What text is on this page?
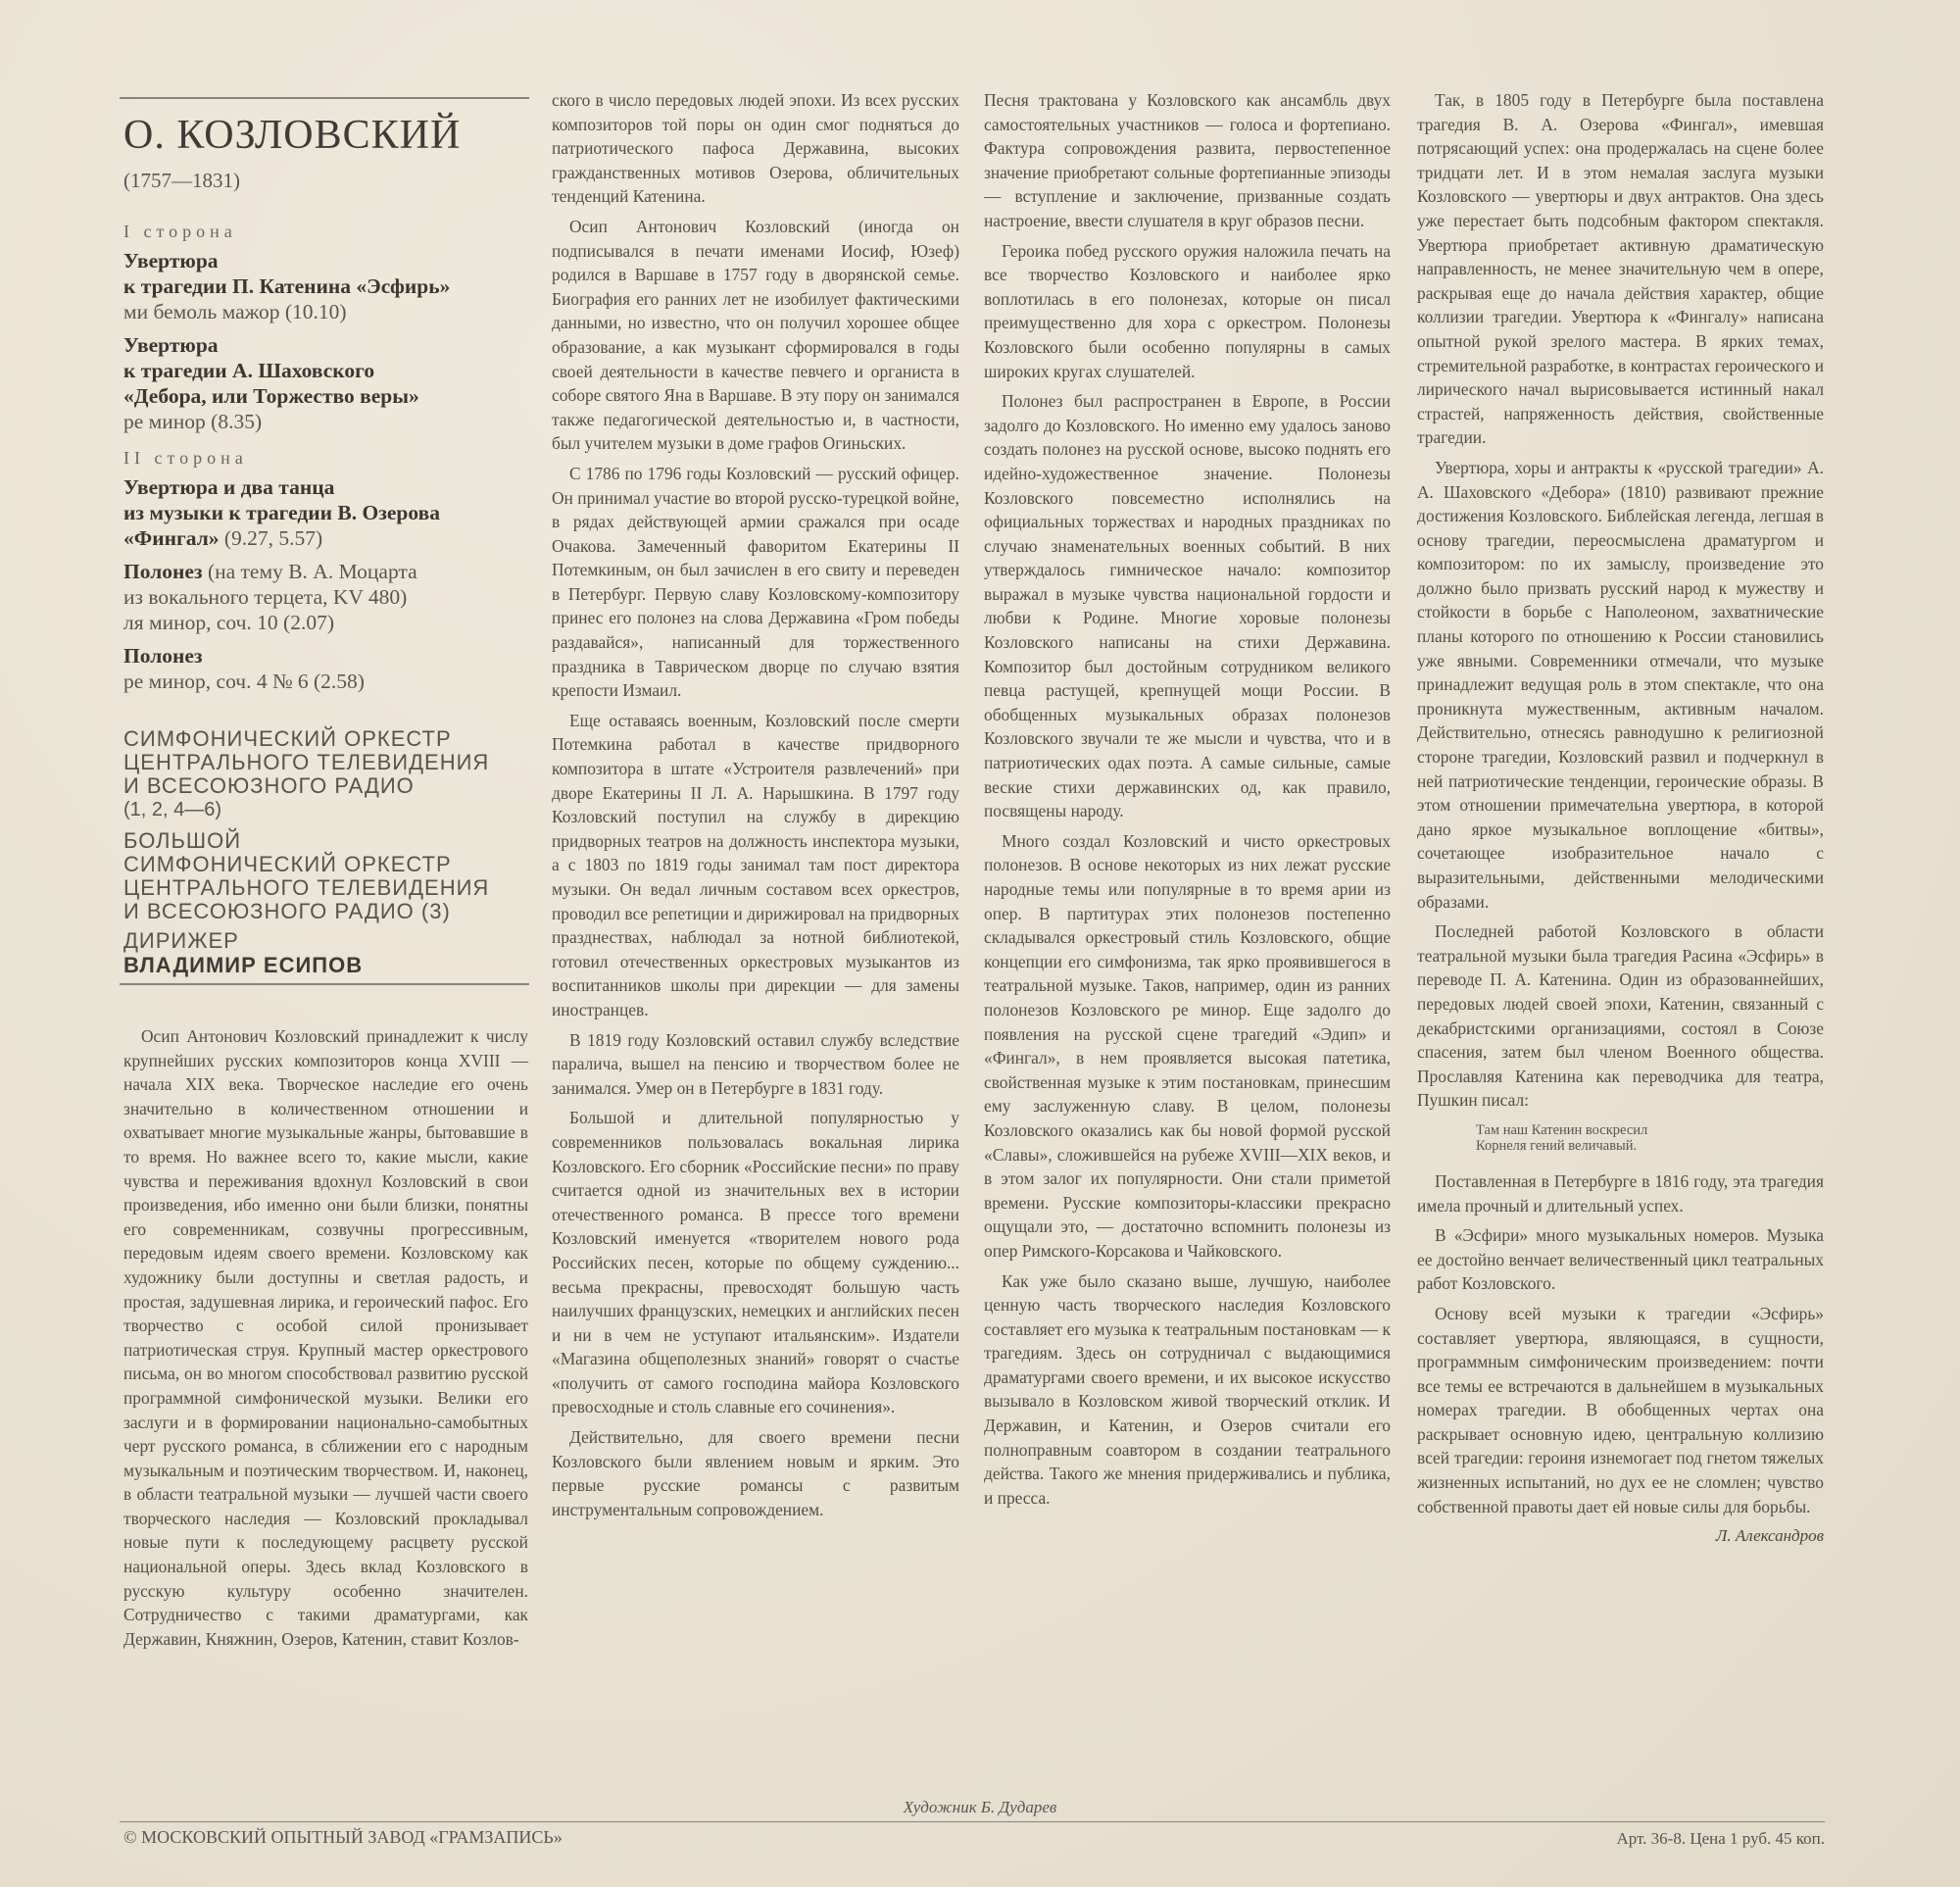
О. КОЗЛОВСКИЙ
(1757—1831)
I сторона
Увертюра
к трагедии П. Катенина «Эсфирь»
ми бемоль мажор (10.10)
Увертюра
к трагедии А. Шаховского
«Дебора, или Торжество веры»
ре минор (8.35)
II сторона
Увертюра и два танца
из музыки к трагедии В. Озерова
«Фингал» (9.27, 5.57)
Полонез (на тему В. А. Моцарта
из вокального терцета, KV 480)
ля минор, соч. 10 (2.07)
Полонез
ре минор, соч. 4 № 6 (2.58)
СИМФОНИЧЕСКИЙ ОРКЕСТР
ЦЕНТРАЛЬНОГО ТЕЛЕВИДЕНИЯ
И ВСЕСОЮЗНОГО РАДИО
(1, 2, 4—6)
БОЛЬШОЙ
СИМФОНИЧЕСКИЙ ОРКЕСТР
ЦЕНТРАЛЬНОГО ТЕЛЕВИДЕНИЯ
И ВСЕСОЮЗНОГО РАДИО (3)
ДИРИЖЕР
ВЛАДИМИР ЕСИПОВ

Осип Антонович Козловский принадлежит к числу крупнейших русских композиторов конца XVIII — начала XIX века. Творческое наследие его очень значительно в количественном отношении и охватывает многие музыкальные жанры, бытовавшие в то время. Но важнее всего то, какие мысли, какие чувства и переживания вдохнул Козловский в свои произведения, ибо именно они были близки, понятны его современникам, созвучны прогрессивным, передовым идеям своего времени. Козловскому как художнику были доступны и светлая радость, и простая, задушевная лирика, и героический пафос. Его творчество с особой силой пронизывает патриотическая струя. Крупный мастер оркестрового письма, он во многом способствовал развитию русской программной симфонической музыки. Велики его заслуги и в формировании национально-самобытных черт русского романса, в сближении его с народным музыкальным и поэтическим творчеством. И, наконец, в области театральной музыки — лучшей части своего творческого наследия — Козловский прокладывал новые пути к последующему расцвету русской национальной оперы. Здесь вклад Козловского в русскую культуру особенно значителен. Сотрудничество с такими драматургами, как Державин, Княжнин, Озеров, Катенин, ставит Козлов-

ского в число передовых людей эпохи. Из всех русских композиторов той поры он один смог подняться до патриотического пафоса Державина, высоких гражданственных мотивов Озерова, обличительных тенденций Катенина.

Осип Антонович Козловский (иногда он подписывался в печати именами Иосиф, Юзеф) родился в Варшаве в 1757 году в дворянской семье. Биография его ранних лет не изобилует фактическими данными, но известно, что он получил хорошее общее образование, а как музыкант сформировался в годы своей деятельности в качестве певчего и органиста в соборе святого Яна в Варшаве. В эту пору он занимался также педагогической деятельностью и, в частности, был учителем музыки в доме графов Огиньских.

С 1786 по 1796 годы Козловский — русский офицер. Он принимал участие во второй русско-турецкой войне, в рядах действующей армии сражался при осаде Очакова. Замеченный фаворитом Екатерины II Потемкиным, он был зачислен в его свиту и переведен в Петербург. Первую славу Козловскому-композитору принес его полонез на слова Державина «Гром победы раздавайся», написанный для торжественного праздника в Таврическом дворце по случаю взятия крепости Измаил.

Еще оставаясь военным, Козловский после смерти Потемкина работал в качестве придворного композитора в штате «Устроителя развлечений» при дворе Екатерины II Л. А. Нарышкина. В 1797 году Козловский поступил на службу в дирекцию придворных театров на должность инспектора музыки, а с 1803 по 1819 годы занимал там пост директора музыки. Он ведал личным составом всех оркестров, проводил все репетиции и дирижировал на придворных празднествах, наблюдал за нотной библиотекой, готовил отечественных оркестровых музыкантов из воспитанников школы при дирекции — для замены иностранцев.

В 1819 году Козловский оставил службу вследствие паралича, вышел на пенсию и творчеством более не занимался. Умер он в Петербурге в 1831 году.

Большой и длительной популярностью у современников пользовалась вокальная лирика Козловского. Его сборник «Российские песни» по праву считается одной из значительных вех в истории отечественного романса. В прессе того времени Козловский именуется «творителем нового рода Российских песен, которые по общему суждению... весьма прекрасны, превосходят большую часть наилучших французских, немецких и английских песен и ни в чем не уступают итальянским». Издатели «Магазина общеполезных знаний» говорят о счастье «получить от самого господина майора Козловского превосходные и столь славные его сочинения».

Действительно, для своего времени песни Козловского были явлением новым и ярким. Это первые русские романсы с развитым инструментальным сопровождением.

Песня трактована у Козловского как ансамбль двух самостоятельных участников — голоса и фортепиано. Фактура сопровождения развита, первостепенное значение приобретают сольные фортепианные эпизоды — вступление и заключение, призванные создать настроение, ввести слушателя в круг образов песни.

Героика побед русского оружия наложила печать на все творчество Козловского и наиболее ярко воплотилась в его полонезах, которые он писал преимущественно для хора с оркестром. Полонезы Козловского были особенно популярны в самых широких кругах слушателей.

Полонез был распространен в Европе, в России задолго до Козловского. Но именно ему удалось заново создать полонез на русской основе, высоко поднять его идейно-художественное значение. Полонезы Козловского повсеместно исполнялись на официальных торжествах и народных праздниках по случаю знаменательных военных событий. В них утверждалось гимническое начало: композитор выражал в музыке чувства национальной гордости и любви к Родине. Многие хоровые полонезы Козловского написаны на стихи Державина. Композитор был достойным сотрудником великого певца растущей, крепнущей мощи России. В обобщенных музыкальных образах полонезов Козловского звучали те же мысли и чувства, что и в патриотических одах поэта. А самые сильные, самые веские стихи державинских од, как правило, посвящены народу.

Много создал Козловский и чисто оркестровых полонезов. В основе некоторых из них лежат русские народные темы или популярные в то время арии из опер. В партитурах этих полонезов постепенно складывался оркестровый стиль Козловского, общие концепции его симфонизма, так ярко проявившегося в театральной музыке. Таков, например, один из ранних полонезов Козловского ре минор. Еще задолго до появления на русской сцене трагедий «Эдип» и «Фингал», в нем проявляется высокая патетика, свойственная музыке к этим постановкам, принесшим ему заслуженную славу. В целом, полонезы Козловского оказались как бы новой формой русской «Славы», сложившейся на рубеже XVIII—XIX веков, и в этом залог их популярности. Они стали приметой времени. Русские композиторы-классики прекрасно ощущали это, — достаточно вспомнить полонезы из опер Римского-Корсакова и Чайковского.

Как уже было сказано выше, лучшую, наиболее ценную часть творческого наследия Козловского составляет его музыка к театральным постановкам — к трагедиям. Здесь он сотрудничал с выдающимися драматургами своего времени, и их высокое искусство вызывало в Козловском живой творческий отклик. И Державин, и Катенин, и Озеров считали его полноправным соавтором в создании театрального действа. Такого же мнения придерживались и публика, и пресса.

Так, в 1805 году в Петербурге была поставлена трагедия В. А. Озерова «Фингал», имевшая потрясающий успех: она продержалась на сцене более тридцати лет. И в этом немалая заслуга музыки Козловского — увертюры и двух антрактов. Она здесь уже перестает быть подсобным фактором спектакля. Увертюра приобретает активную драматическую направленность, не менее значительную чем в опере, раскрывая еще до начала действия характер, общие коллизии трагедии. Увертюра к «Фингалу» написана опытной рукой зрелого мастера. В ярких темах, стремительной разработке, в контрастах героического и лирического начал вырисовывается истинный накал страстей, напряженность действия, свойственные трагедии.

Увертюра, хоры и антракты к «русской трагедии» А. А. Шаховского «Дебора» (1810) развивают прежние достижения Козловского. Библейская легенда, легшая в основу трагедии, переосмыслена драматургом и композитором: по их замыслу, произведение это должно было призвать русский народ к мужеству и стойкости в борьбе с Наполеоном, захватнические планы которого по отношению к России становились уже явными. Современники отмечали, что музыке принадлежит ведущая роль в этом спектакле, что она проникнута мужественным, активным началом. Действительно, отнесясь равнодушно к религиозной стороне трагедии, Козловский развил и подчеркнул в ней патриотические тенденции, героические образы. В этом отношении примечательна увертюра, в которой дано яркое музыкальное воплощение «битвы», сочетающее изобразительное начало с выразительными, действенными мелодическими образами.

Последней работой Козловского в области театральной музыки была трагедия Расина «Эсфирь» в переводе П. А. Катенина. Один из образованнейших, передовых людей своей эпохи, Катенин, связанный с декабристскими организациями, состоял в Союзе спасения, затем был членом Военного общества. Прославляя Катенина как переводчика для театра, Пушкин писал:

Там наш Катенин воскресил
Корнеля гений величавый.

Поставленная в Петербурге в 1816 году, эта трагедия имела прочный и длительный успех.

В «Эсфири» много музыкальных номеров. Музыка ее достойно венчает величественный цикл театральных работ Козловского.

Основу всей музыки к трагедии «Эсфирь» составляет увертюра, являющаяся, в сущности, программным симфоническим произведением: почти все темы ее встречаются в дальнейшем в музыкальных номерах трагедии. В обобщенных чертах она раскрывает основную идею, центральную коллизию всей трагедии: героиня изнемогает под гнетом тяжелых жизненных испытаний, но дух ее не сломлен; чувство собственной правоты дает ей новые силы для борьбы.

Л. Александров
Художник Б. Дударев
© МОСКОВСКИЙ ОПЫТНЫЙ ЗАВОД «ГРАМЗАПИСЬ»	Арт. 36-8. Цена 1 руб. 45 коп.
